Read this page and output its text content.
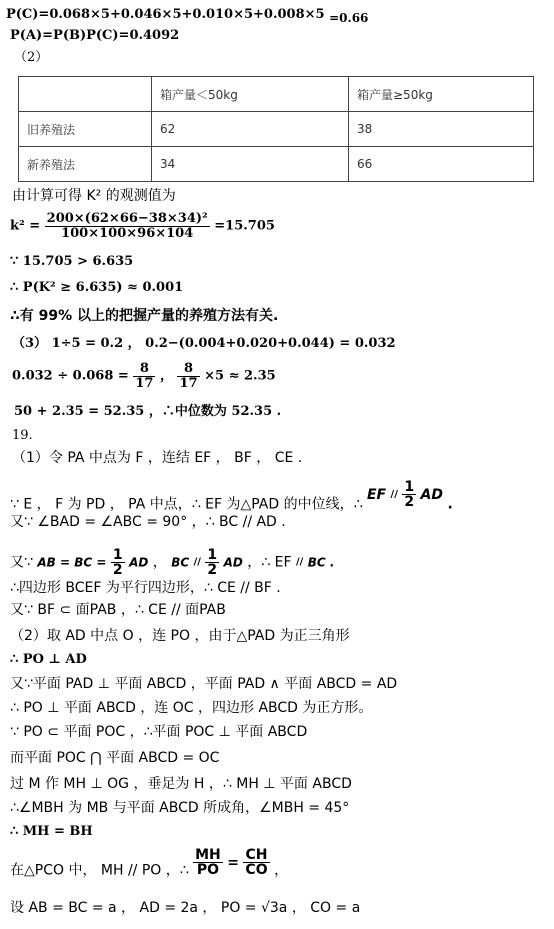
P(C)=0.068×5+0.046×5+0.010×5+0.008×5 =0.66
P(A)=P(B)P(C)=0.4092
（2）
	箱产量＜50kg	箱产量≥50kg
旧养殖法	62	38
新养殖法	34	66
由计算可得 K² 的观测值为
$k^2 = \frac{\text{200×(62×66−38×34)²}}{100\times 100\times 96\times 104} =15.705$
∵ 15.705 > 6.635
∴ P(K² ≥ 6.635) ≈ 0.001
∴有 99% 以上的把握产量的养殖方法有关.
（3） 1÷5 = 0.2 ， 0.2−(0.004+0.020+0.044) = 0.032
$0.032 \div 0.068 = \frac{8}{17}$ ， $\frac{8}{17} \times 5 \approx 2.35$
50 + 2.35 = 52.35 ，∴中位数为 52.35 .
19.
（1）令 PA 中点为 F ，连结 EF ， BF ， CE .
∵ E ， F 为 PD ， PA 中点，∴ EF 为△PAD 的中位线，∴ EF $^{//} \frac{1}{2}$ AD .
又∵ ∠BAD = ∠ABC = 90° ，∴ BC // AD .
又∵ AB = BC = $\frac{1}{2}$ AD ， BC // $\frac{1}{2}$ AD ，∴ EF // BC .
∴四边形 BCEF 为平行四边形，∴ CE // BF .
又∵ BF ⊂ 面PAB ，∴ CE // 面PAB
（2）取 AD 中点 O ，连 PO ，由于△PAD 为正三角形
∴ PO ⊥ AD
又∵平面 PAD ⊥ 平面 ABCD ，平面 PAD ∧ 平面 ABCD = AD
∴ PO ⊥ 平面 ABCD ，连 OC ，四边形 ABCD 为正方形。
∵ PO ⊂ 平面 POC ，∴平面 POC ⊥ 平面 ABCD
而平面 POC ⋂ 平面 ABCD = OC
过 M 作 MH ⊥ OG ，垂足为 H ，∴ MH ⊥ 平面 ABCD
∴∠MBH 为 MB 与平面 ABCD 所成角，∠MBH = 45°
∴ MH = BH
在△PCO 中， MH // PO ，∴ $\frac{MH}{PO} = \frac{CH}{CO}$ ，
设 AB = BC = a ， AD = 2a ， PO = √3a ， CO = a
